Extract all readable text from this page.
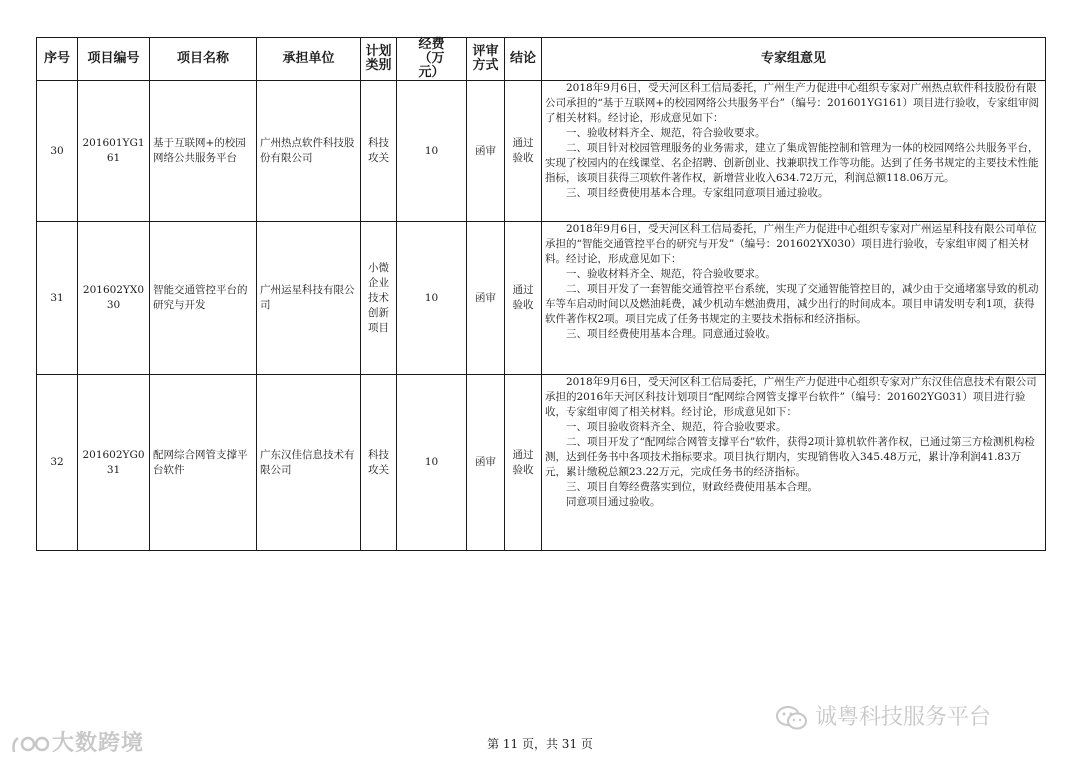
序号	项目编号	项目名称	承担单位	计划类别	经费（万元）	评审方式	结论	专家组意见
30	201601YG161	基于互联网+的校园网络公共服务平台	广州热点软件科技股份有限公司	科技攻关	10	函审	通过验收	2018年9月6日，受天河区科工信局委托，广州生产力促进中心组织专家对广州热点软件科技股份有限公司承担的“基于互联网+的校园网络公共服务平台”（编号：201601YG161）项目进行验收，专家组审阅了相关材料。经讨论，形成意见如下：

一、验收材料齐全、规范，符合验收要求。

二、项目针对校园管理服务的业务需求，建立了集成智能控制和管理为一体的校园网络公共服务平台，实现了校园内的在线课堂、名企招聘、创新创业、找兼职找工作等功能。达到了任务书规定的主要技术性能指标，该项目获得三项软件著作权，新增营业收入634.72万元，利润总额118.06万元。

三、项目经费使用基本合理。专家组同意项目通过验收。

31	201602YX030	智能交通管控平台的研究与开发	广州运星科技有限公司	小微企业技术创新项目	10	函审	通过验收	2018年9月6日，受天河区科工信局委托，广州生产力促进中心组织专家对广州运星科技有限公司单位承担的“智能交通管控平台的研究与开发”（编号：201602YX030）项目进行验收，专家组审阅了相关材料。经讨论，形成意见如下：

一、验收材料齐全、规范，符合验收要求。

二、项目开发了一套智能交通管控平台系统，实现了交通智能管控目的，减少由于交通堵塞导致的机动车等车启动时间以及燃油耗费，减少机动车燃油费用，减少出行的时间成本。项目申请发明专利1项，获得软件著作权2项。项目完成了任务书规定的主要技术指标和经济指标。

三、项目经费使用基本合理。同意通过验收。

32	201602YG031	配网综合网管支撑平台软件	广东汉佳信息技术有限公司	科技攻关	10	函审	通过验收	2018年9月6日，受天河区科工信局委托，广州生产力促进中心组织专家对广东汉佳信息技术有限公司承担的2016年天河区科技计划项目“配网综合网管支撑平台软件”（编号：201602YG031）项目进行验收，专家组审阅了相关材料。经讨论，形成意见如下：

一、项目验收资料齐全、规范，符合验收要求。

二、项目开发了“配网综合网管支撑平台”软件，获得2项计算机软件著作权，已通过第三方检测机构检测，达到任务书中各项技术指标要求。项目执行期内，实现销售收入345.48万元，累计净利润41.83万元，累计缴税总额23.22万元，完成任务书的经济指标。

三、项目自筹经费落实到位，财政经费使用基本合理。

同意项目通过验收。

诚粤科技服务平台
大数跨境	第 11 页，共 31 页
